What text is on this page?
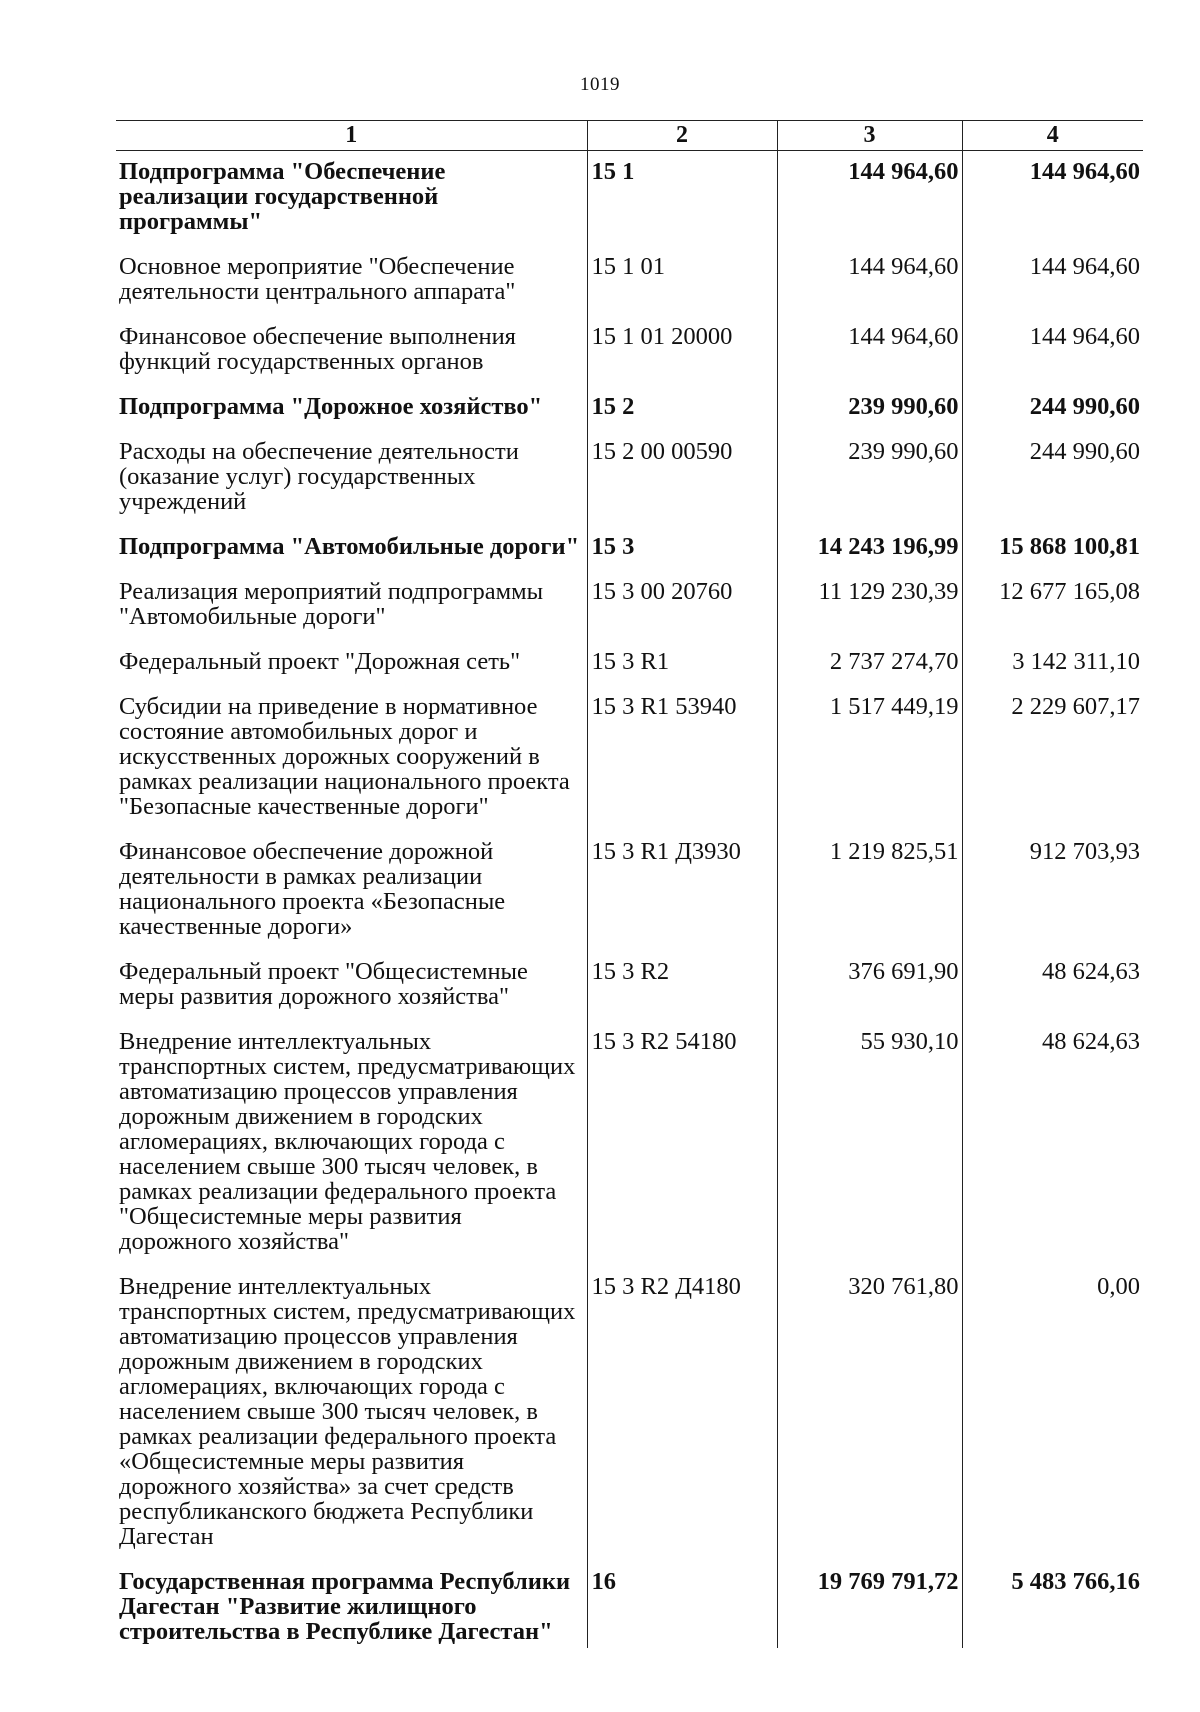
1019
1	2	3	4
Подпрограмма "Обеспечение реализации государственной программы"	15 1	144 964,60	144 964,60
Основное мероприятие "Обеспечение деятельности центрального аппарата"	15 1 01	144 964,60	144 964,60
Финансовое обеспечение выполнения функций государственных органов	15 1 01 20000	144 964,60	144 964,60
Подпрограмма "Дорожное хозяйство"	15 2	239 990,60	244 990,60
Расходы на обеспечение деятельности (оказание услуг) государственных учреждений	15 2 00 00590	239 990,60	244 990,60
Подпрограмма "Автомобильные дороги"	15 3	14 243 196,99	15 868 100,81
Реализация мероприятий подпрограммы "Автомобильные дороги"	15 3 00 20760	11 129 230,39	12 677 165,08
Федеральный проект "Дорожная сеть"	15 3 R1	2 737 274,70	3 142 311,10
Субсидии на приведение в нормативное состояние автомобильных дорог и искусственных дорожных сооружений в рамках реализации национального проекта "Безопасные качественные дороги"	15 3 R1 53940	1 517 449,19	2 229 607,17
Финансовое обеспечение дорожной деятельности в рамках реализации национального проекта «Безопасные качественные дороги»	15 3 R1 Д3930	1 219 825,51	912 703,93
Федеральный проект "Общесистемные меры развития дорожного хозяйства"	15 3 R2	376 691,90	48 624,63
Внедрение интеллектуальных транспортных систем, предусматривающих автоматизацию процессов управления дорожным движением в городских агломерациях, включающих города с населением свыше 300 тысяч человек, в рамках реализации федерального проекта "Общесистемные меры развития дорожного хозяйства"	15 3 R2 54180	55 930,10	48 624,63
Внедрение интеллектуальных транспортных систем, предусматривающих автоматизацию процессов управления дорожным движением в городских агломерациях, включающих города с населением свыше 300 тысяч человек, в рамках реализации федерального проекта «Общесистемные меры развития дорожного хозяйства» за счет средств республиканского бюджета Республики Дагестан	15 3 R2 Д4180	320 761,80	0,00
Государственная программа Республики Дагестан "Развитие жилищного строительства в Республике Дагестан"	16	19 769 791,72	5 483 766,16
